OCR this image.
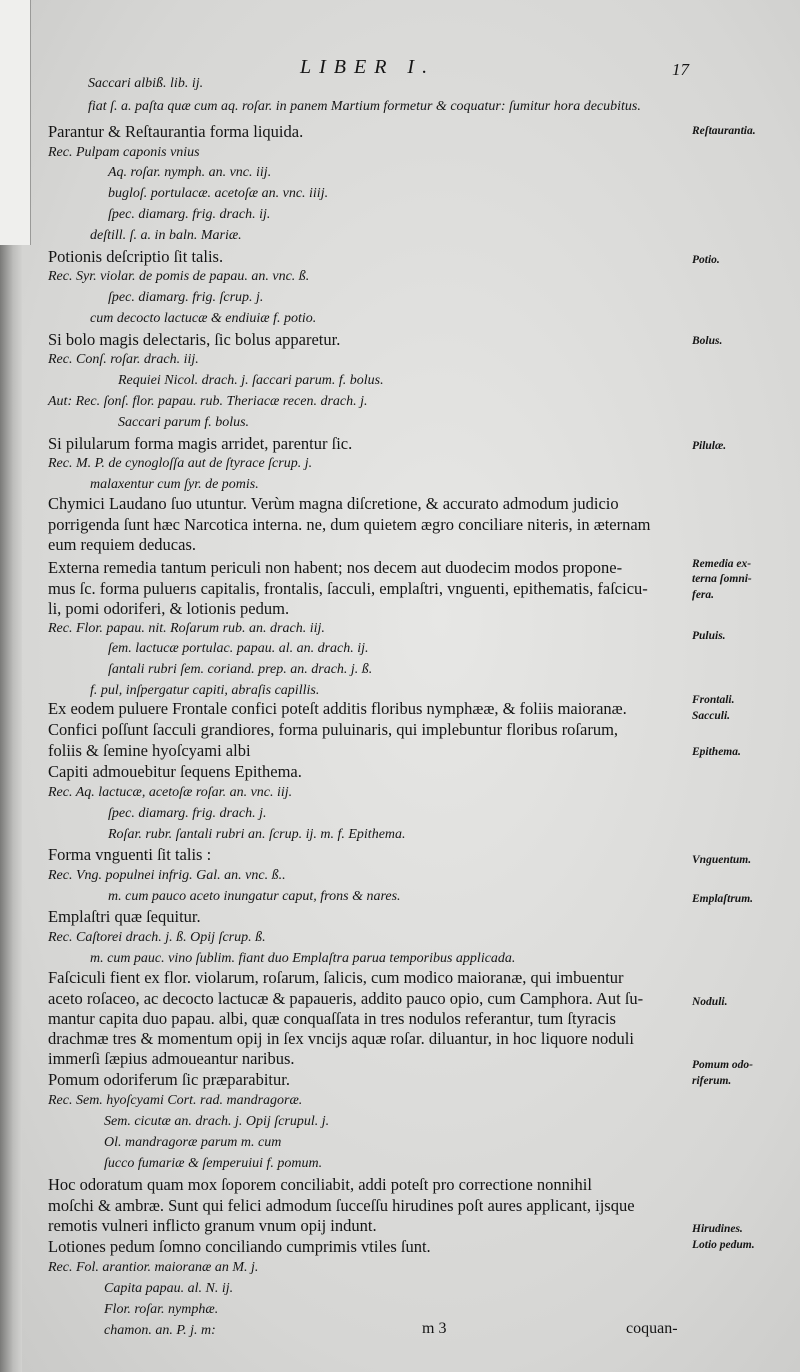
LIBER I.	17
Saccari albiß. lib. ij.
fiat ſ. a. paſta quæ cum aq. roſar. in panem Martium formetur & coquatur: ſumitur hora decubitus.
Parantur & Reſtaurantia forma liquida.
Rec. Pulpam caponis vnius
Aq. roſar. nymph. an. vnc. iij.
bugloſ. portulacæ. acetoſæ an. vnc. iiij.
ſpec. diamarg. frig. drach. ij.
deſtill. ſ. a. in baln. Mariæ.
Potionis deſcriptio ſit talis.
Rec. Syr. violar. de pomis de papau. an. vnc. ß.
ſpec. diamarg. frig. ſcrup. j.
cum decocto lactucæ & endiuiæ f. potio.
Si bolo magis delectaris, ſic bolus apparetur.
Rec. Conſ. roſar. drach. iij.
Requiei Nicol. drach. j. ſaccari parum. f. bolus.
Aut: Rec. ſonſ. flor. papau. rub. Theriacæ recen. drach. j.
Saccari parum f. bolus.
Si pilularum forma magis arridet, parentur ſic.
Rec. M. P. de cynogloſſa aut de ſtyrace ſcrup. j.
malaxentur cum ſyr. de pomis.
Chymici Laudano ſuo utuntur. Verùm magna diſcretione, & accurato admodum judicio
porrigenda ſunt hæc Narcotica interna. ne, dum quietem ægro conciliare niteris, in æternam
eum requiem deducas.
Externa remedia tantum periculi non habent; nos decem aut duodecim modos propone-
mus ſc. forma puluerıs capitalis, frontalis, ſacculi, emplaſtri, vnguenti, epithematis, faſcicu-
li, pomi odoriferi, & lotionis pedum.
Rec. Flor. papau. nit. Roſarum rub. an. drach. iij.
ſem. lactucæ portulac. papau. al. an. drach. ij.
ſantali rubri ſem. coriand. prep. an. drach. j. ß.
f. pul, inſpergatur capiti, abraſis capillis.
Ex eodem puluere Frontale confici poteſt additis floribus nymphææ, & foliis maioranæ.
Confici poſſunt ſacculi grandiores, forma puluinaris, qui implebuntur floribus roſarum,
foliis & ſemine hyoſcyami albi
Capiti admouebitur ſequens Epithema.
Rec. Aq. lactucæ, acetoſæ roſar. an. vnc. iij.
ſpec. diamarg. frig. drach. j.
Roſar. rubr. ſantali rubri an. ſcrup. ij. m. f. Epithema.
Forma vnguenti ſit talis :
Rec. Vng. populnei infrig. Gal. an. vnc. ß..
m. cum pauco aceto inungatur caput, frons & nares.
Emplaſtri quæ ſequitur.
Rec. Caſtorei drach. j. ß. Opij ſcrup. ß.
m. cum pauc. vino ſublim. fiant duo Emplaſtra parua temporibus applicada.
Faſciculi fient ex flor. violarum, roſarum, ſalicis, cum modico maioranæ, qui imbuentur
aceto roſaceo, ac decocto lactucæ & papaueris, addito pauco opio, cum Camphora. Aut ſu-
mantur capita duo papau. albi, quæ conquaſſata in tres nodulos referantur, tum ſtyracis
drachmæ tres & momentum opij in ſex vncijs aquæ roſar. diluantur, in hoc liquore noduli
immerſi ſæpius admoueantur naribus.
Pomum odoriferum ſic præparabitur.
Rec. Sem. hyoſcyami Cort. rad. mandragoræ.
Sem. cicutæ an. drach. j. Opij ſcrupul. j.
Ol. mandragoræ parum m. cum
ſucco fumariæ & ſemperuiui f. pomum.
Hoc odoratum quam mox ſoporem conciliabit, addi poteſt pro correctione nonnihil
moſchi & ambræ. Sunt qui felici admodum ſucceſſu hirudines poſt aures applicant, ijsque
remotis vulneri inflicto granum vnum opij indunt.
Lotiones pedum ſomno conciliando cumprimis vtiles ſunt.
Rec. Fol. arantior. maioranæ an M. j.
Capita papau. al. N. ij.
Flor. roſar. nymphæ.
chamon. an. P. j. m:
Reſtaurantia.
Potio.
Bolus.
Pilulæ.
Remedia ex-
terna ſomni-
fera.
Puluis.
Frontali.
Sacculi.
Epithema.
Vnguentum.
Emplaſtrum.
Noduli.
Pomum odo-
riferum.
Hirudines.
Lotio pedum.
m 3	coquan-
